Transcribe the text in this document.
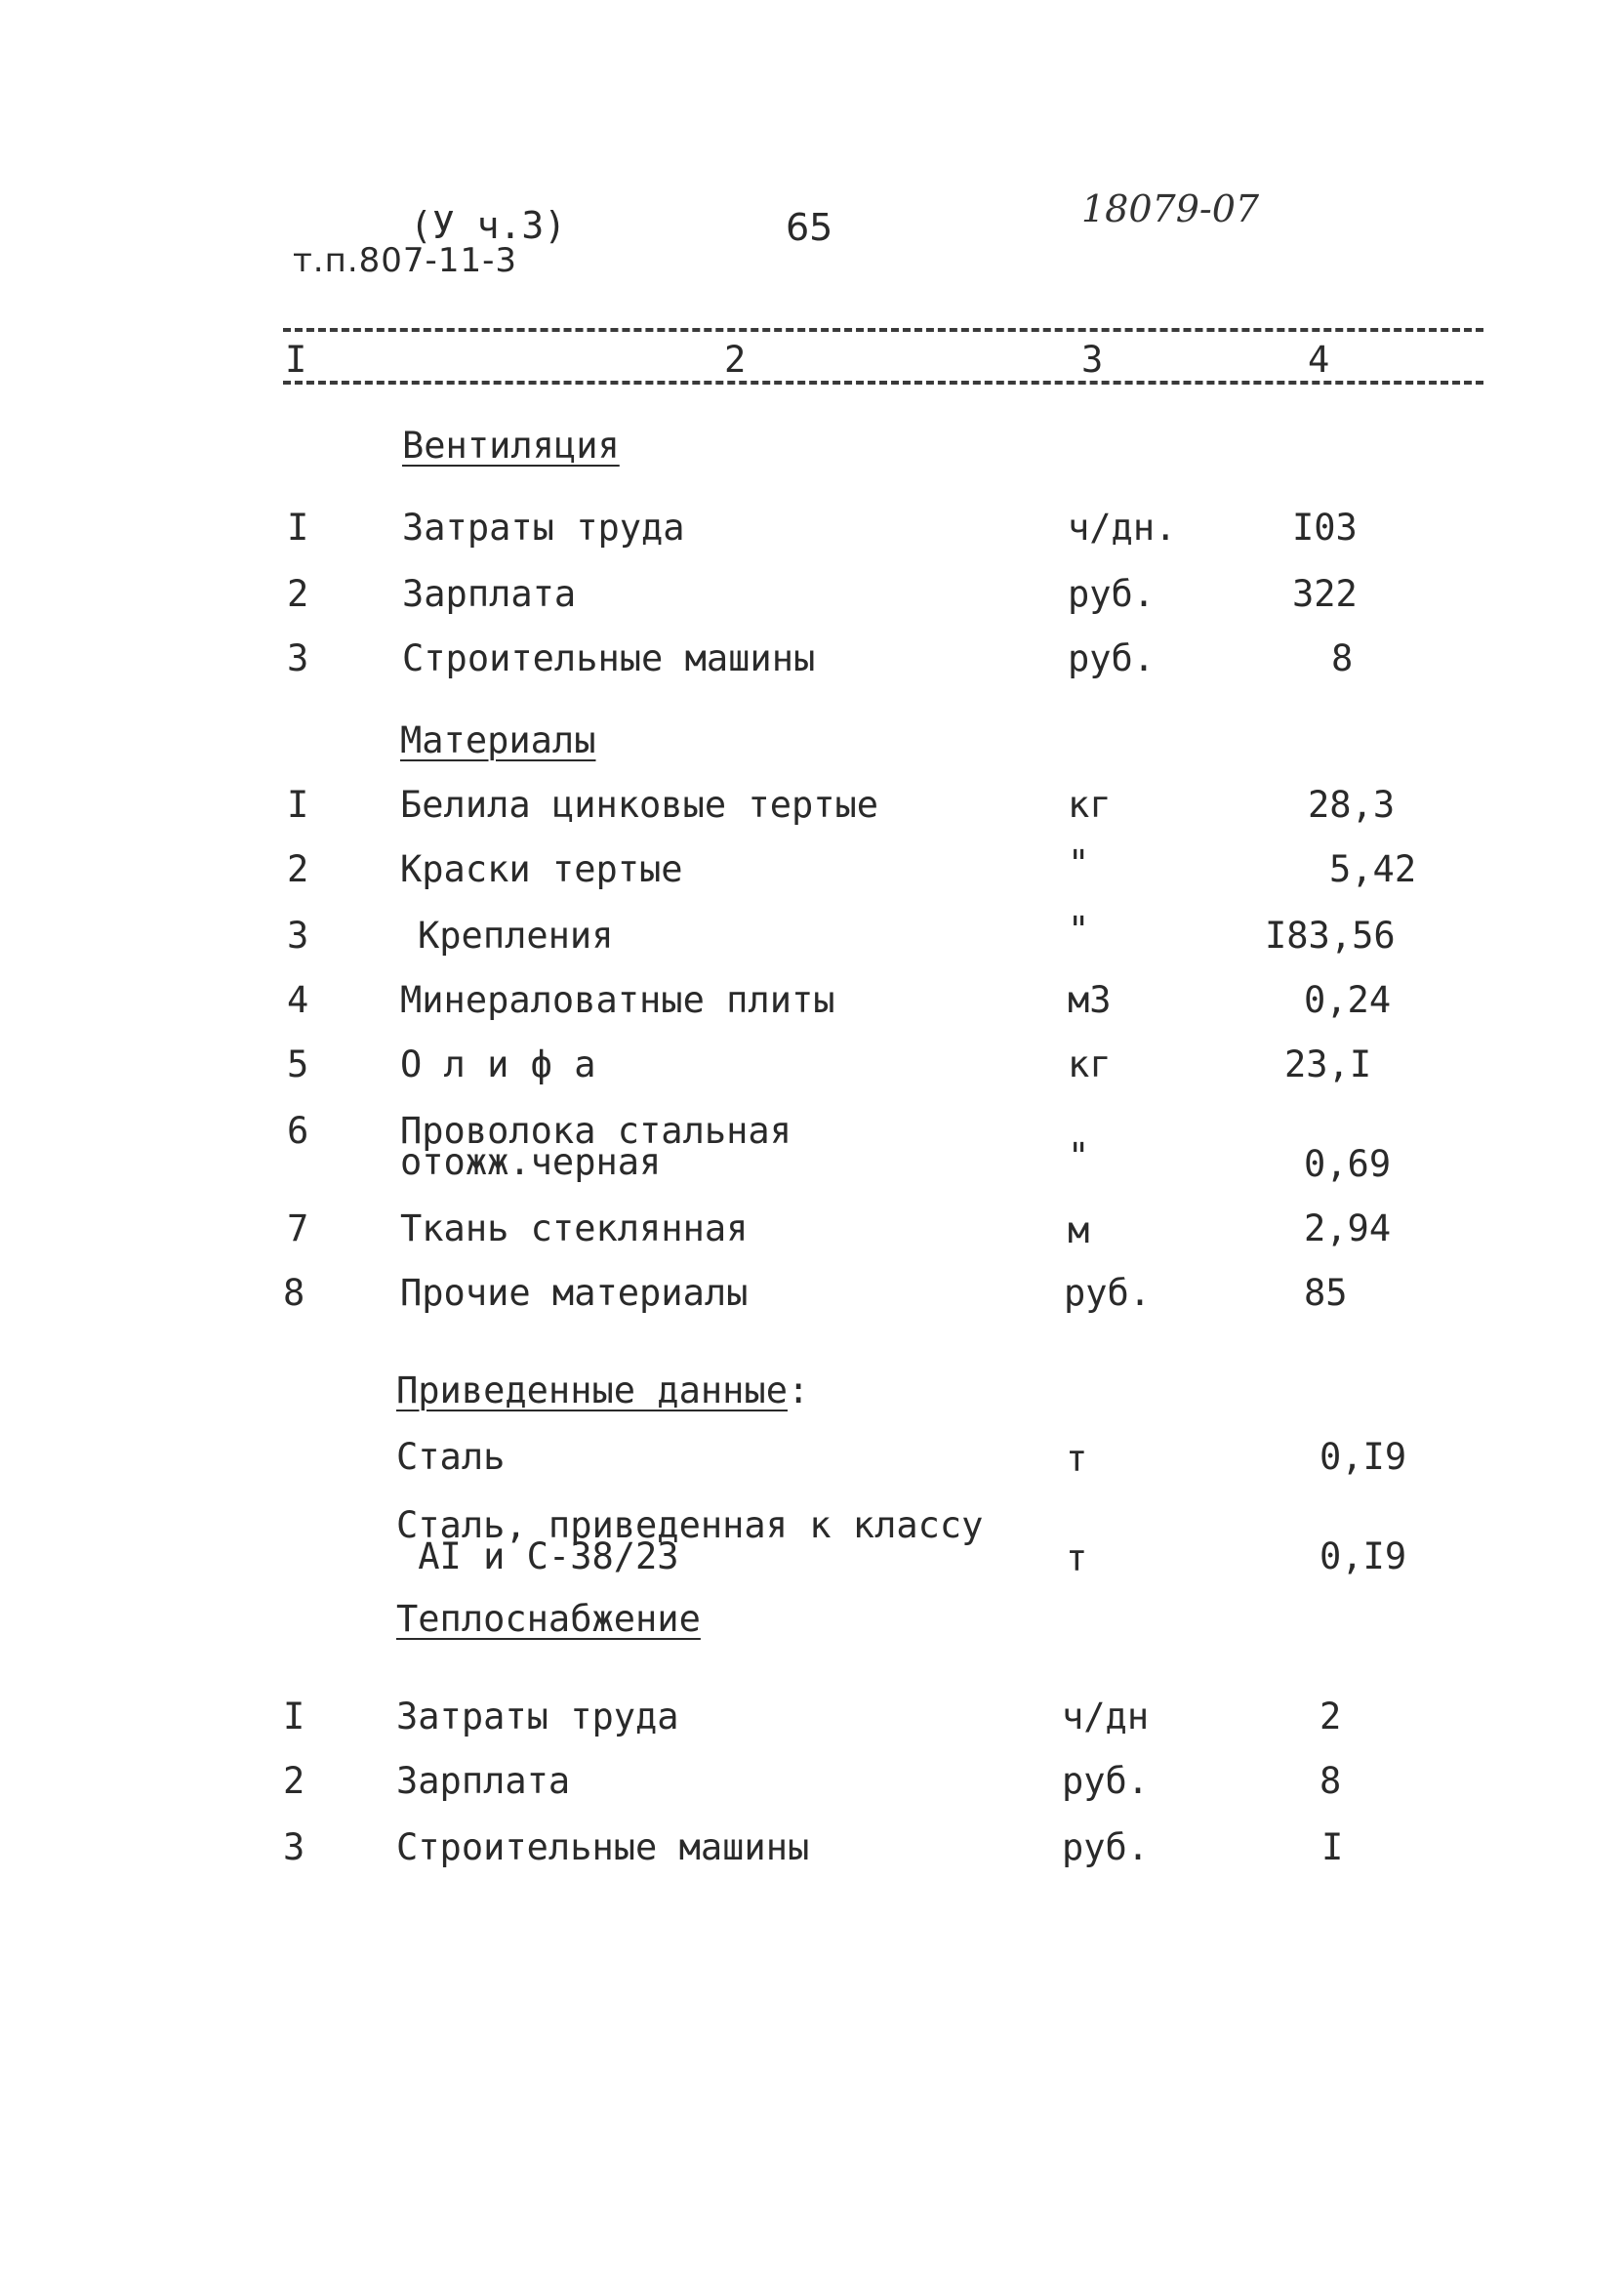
(У ч.3)	65	18079-07
т.п.807-11-3
I	2	3	4
Вентиляция
I	Затраты труда	ч/дн.	I03
2	Зарплата	руб.	322
3	Строительные машины	руб.	8
Материалы
I	Белила цинковые тертые	кг	28,3
2	Краски тертые	"	5,42
3	Крепления	"	I83,56
4	Минераловатные плиты	м3	0,24
5	О л и ф а	кг	23,I
6	Проволока стальная
отожж.черная	"	0,69
7	Ткань стеклянная	м	2,94
8	Прочие материалы	руб.	85
Приведенные данные:
Сталь	т	0,I9
Сталь, приведенная к классу
AI и С-38/23	т	0,I9
Теплоснабжение
I	Затраты труда	ч/дн	2
2	Зарплата	руб.	8
3	Строительные машины	руб.	I
